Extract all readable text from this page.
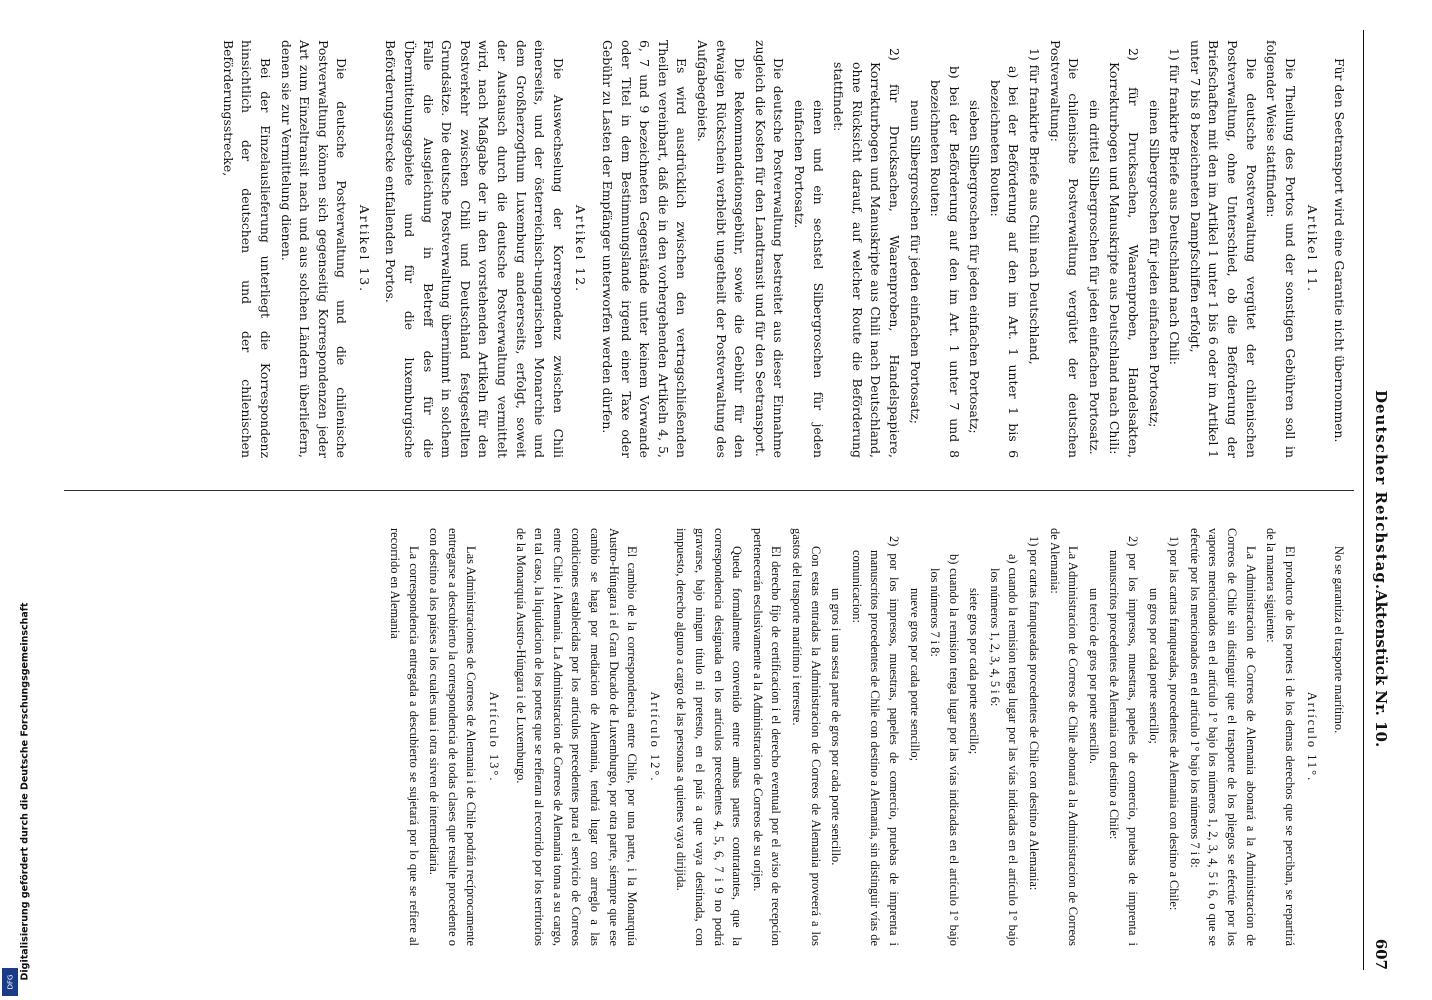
Deutscher Reichstag.
Aktenstück Nr. 10.
607

Für den Seetransport wird eine Garantie nicht übernommen.

Artikel 11.

Die Theilung des Portos und der sonstigen Gebühren soll in folgender Weise stattfinden:

Die deutsche Postverwaltung vergütet der chilenischen Postverwaltung, ohne Unterschied, ob die Beförderung der Briefschaften mit den im Artikel 1 unter 1 bis 6 oder im Artikel 1 unter 7 bis 8 bezeichneten Dampfschiffen erfolgt,

1) für frankirte Briefe aus Deutschland nach Chili:

einen Silbergroschen für jeden einfachen Portosatz;

2) für Drucksachen, Waarenproben, Handelsakten, Korrekturbogen und Manuskripte aus Deutschland nach Chili:

ein drittel Silbergroschen für jeden einfachen Portosatz.

Die chilenische Postverwaltung vergütet der deutschen Postverwaltung:

1) für frankirte Briefe aus Chili nach Deutschland,

a) bei der Beförderung auf den im Art. 1 unter 1 bis 6 bezeichneten Routen:

sieben Silbergroschen für jeden einfachen Portosatz;

b) bei der Beförderung auf den im Art. 1 unter 7 und 8 bezeichneten Routen:

neun Silbergroschen für jeden einfachen Portosatz;

2) für Drucksachen, Waarenproben, Handelspapiere, Korrekturbogen und Manuskripte aus Chili nach Deutschland, ohne Rücksicht darauf, auf welcher Route die Beförderung stattfindet:

einen und ein sechstel Silbergroschen für jeden einfachen Portosatz.

Die deutsche Postverwaltung bestreitet aus dieser Einnahme zugleich die Kosten für den Landtransit und für den Seetransport.

Die Rekommandationsgebühr, sowie die Gebühr für den etwaigen Rückschein verbleibt ungetheilt der Postverwaltung des Aufgabegebiets.

Es wird ausdrücklich zwischen den vertragschließenden Theilen vereinbart, daß die in den vorhergehenden Artikeln 4, 5, 6, 7 und 9 bezeichneten Gegenstände unter keinem Vorwande oder Titel in dem Bestimmungslande irgend einer Taxe oder Gebühr zu Lasten der Empfänger unterworfen werden dürfen.

Artikel 12.

Die Auswechselung der Korrespondenz zwischen Chili einerseits, und der österreichisch-ungarischen Monarchie und dem Großherzogthum Luxemburg andererseits, erfolgt, soweit der Austausch durch die deutsche Postverwaltung vermittelt wird, nach Maßgabe der in den vorstehenden Artikeln für den Postverkehr zwischen Chili und Deutschland festgestellten Grundsätze. Die deutsche Postverwaltung übernimmt in solchem Falle die Ausgleichung in Betreff des für die Übermittelungsgebiete und für die luxemburgische Beförderungsstrecke entfallenden Portos.

Artikel 13.

Die deutsche Postverwaltung und die chilenische Postverwaltung können sich gegenseitig Korrespondenzen jeder Art zum Einzeltransit nach und aus solchen Ländern überliefern, denen sie zur Vermittelung dienen.

Bei der Einzelauslieferung unterliegt die Korrespondenz hinsichtlich der deutschen und der chilenischen Beförderungsstrecke,

No se garantiza el trasporte marítimo.

Artículo 11°.

El producto de los portes i de los demas derechos que se perciban, se repartirá de la manera siguiente:

La Administracion de Correos de Alemania abonará a la Administracion de Correos de Chile sin distinguir que el trasporte de los pliegos se efectúe por los vapores mencionados en el artículo 1° bajo los números 1, 2, 3, 4, 5 i 6, o que se efectúe por los mencionados en el artículo 1° bajo los números 7 i 8:

1) por las cartas franqueadas, procedentes de Alemania con destino a Chile:

un gros por cada porte sencillo;

2) por los impresos, muestras, papeles de comercio, pruebas de imprenta i manuscritos procedentes de Alemania con destino a Chile:

un tercio de gros por porte sencillo.

La Administracion de Correos de Chile abonará a la Administracion de Correos de Alemania:

1) por cartas franqueadas procedentes de Chile con destino a Alemania:

a) cuando la remision tenga lugar por las vías indicadas en el artículo 1° bajo los números 1, 2, 3, 4, 5 i 6:

siete gros por cada porte sencillo;

b) cuando la remision tenga lugar por las vías indicadas en el artículo 1° bajo los números 7 i 8:

nueve gros por cada porte sencillo;

2) por los impresos, muestras, papeles de comercio, pruebas de imprenta i manuscritos procedentes de Chile con destino a Alemania, sin distinguir vías de comunicacion:

un gros i una sesta parte de gros por cada porte sencillo.

Con estas entradas la Administracion de Correos de Alemania proveerá a los gastos del trasporte marítimo i terrestre.

El derecho fijo de certificacion i el derecho eventual por el aviso de recepcion pertenecerán esclusivamente a la Administracion de Correos de su oríjen.

Queda formalmente convenido entre ambas partes contratantes, que la correspondencia designada en los artículos precedentes 4, 5, 6, 7 i 9 no podrá gravarse, bajo ningun título ni pretesto, en el país a que vaya destinada, con impuesto, derecho alguno a cargo de las personas a quienes vaya dirijida.

Artículo 12°.

El cambio de la correspondencia entre Chile, por una parte, i la Monarquía Austro-Húngara i el Gran Ducado de Luxemburgo, por otra parte, siempre que ese cambio se haga por mediacion de Alemania, tendrá lugar con arreglo a las condiciones establecidas por los artículos precedentes para el servicio de Correos entre Chile i Alemania. La Administracion de Correos de Alemania toma a su cargo, en tal caso, la liquidacion de los portes que se refieran al recorrido por los territorios de la Monarquía Austro-Húngara i de Luxemburgo.

Artículo 13°.

Las Administraciones de Correos de Alemania i de Chile podrán recíprocamente entregarse a descubierto la correspondencia de todas clases que resulte procedente o con destino a los países a los cuales una i otra sirven de intermediaria.

La correspondencia entregada a descubierto se sujetará por lo que se refiere al recorrido en Alemania

Digitalisierung gefördert durch die Deutsche Forschungsgemeinschaft
DFG
